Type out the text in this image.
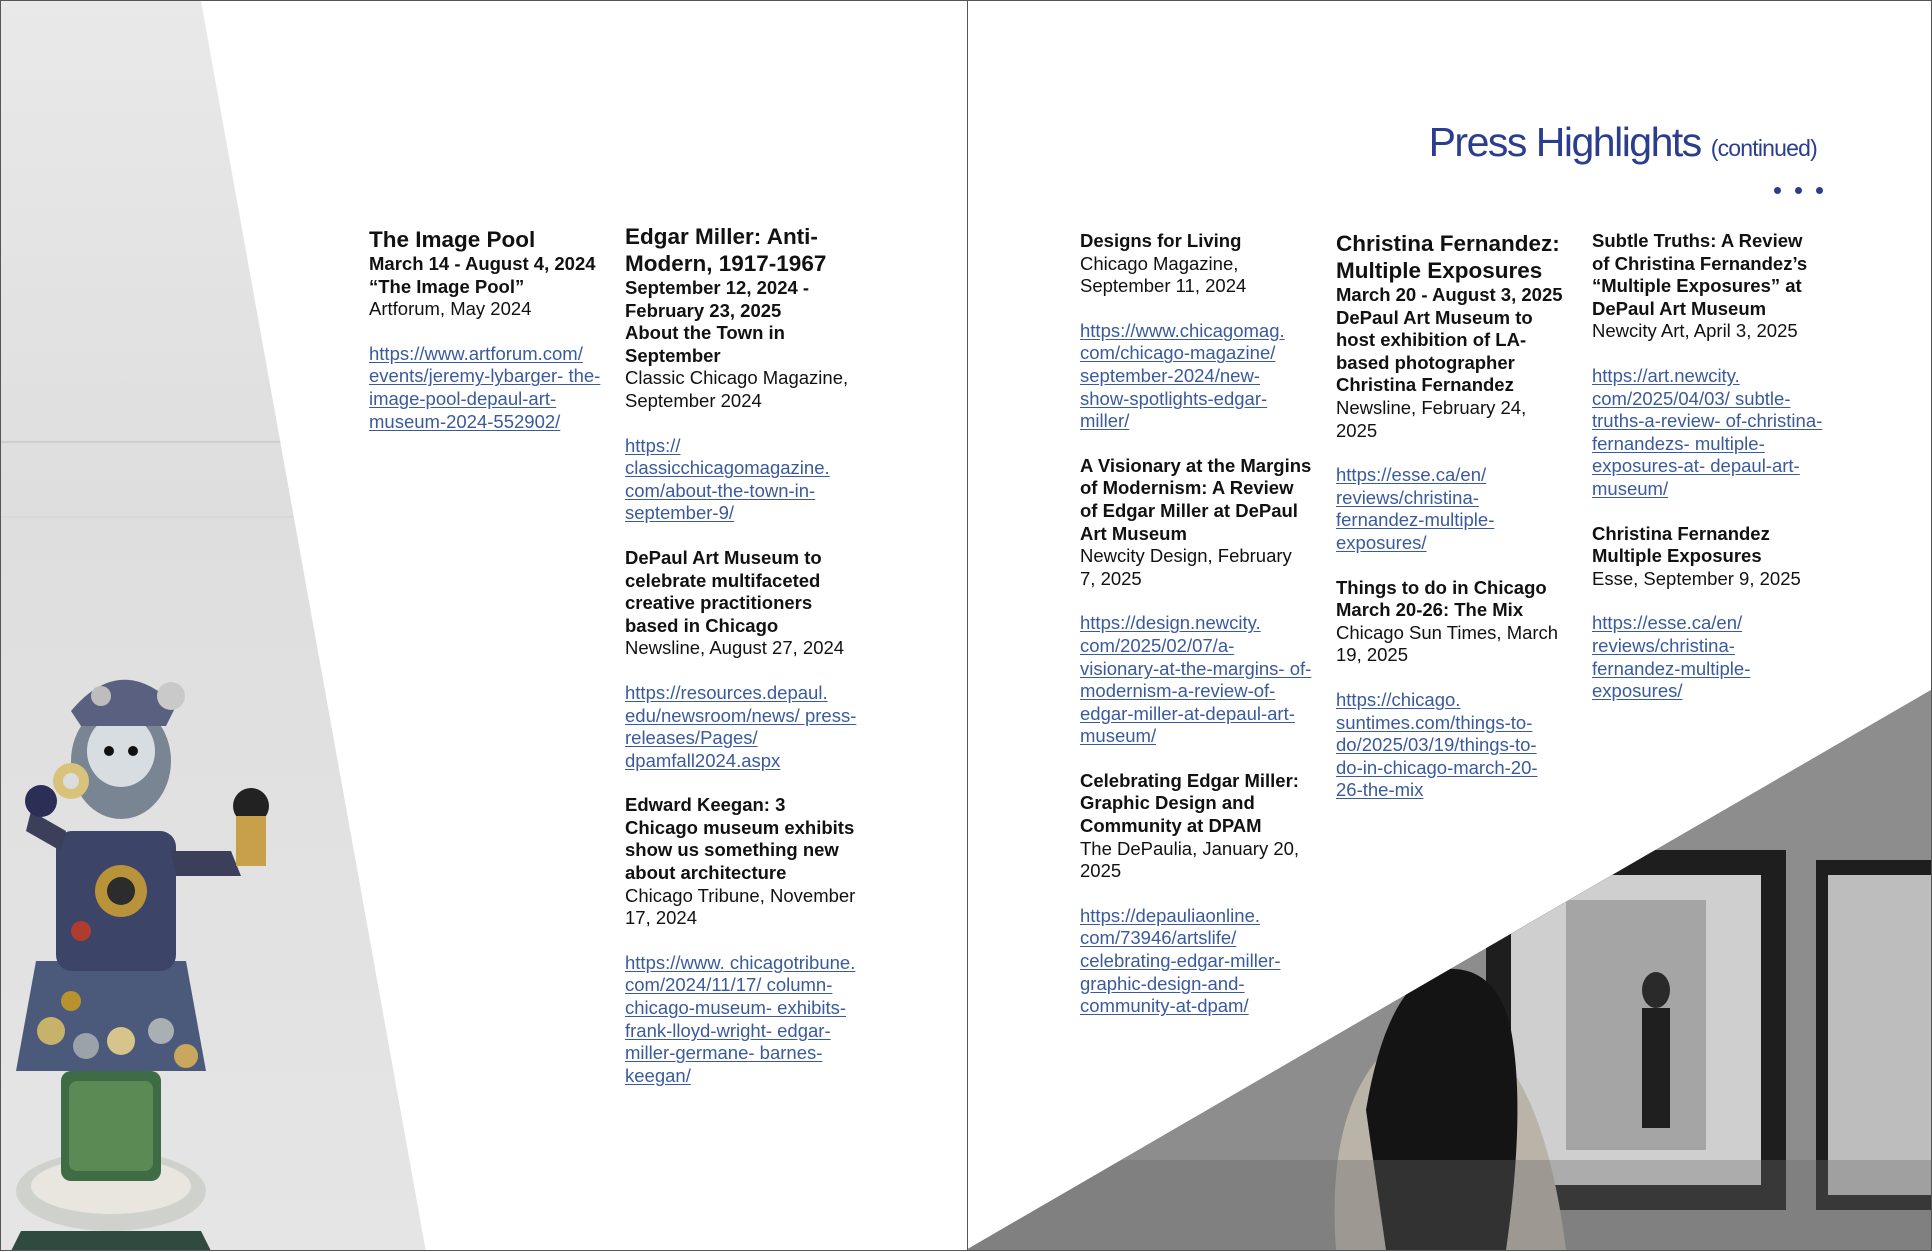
The Image Pool

March 14 - August 4, 2024

“The Image Pool”

Artforum, May 2024

https://www.artforum.com/ events/jeremy-lybarger- the-image-pool-depaul-art- museum-2024-552902/

Edgar Miller: Anti-Modern, 1917-1967

September 12, 2024 - February 23, 2025

About the Town in September

Classic Chicago Magazine, September 2024

https:// classicchicagomagazine. com/about-the-town-in- september-9/

DePaul Art Museum to celebrate multifaceted creative practitioners based in Chicago

Newsline, August 27, 2024

https://resources.depaul. edu/newsroom/news/ press-releases/Pages/ dpamfall2024.aspx

Edward Keegan: 3 Chicago museum exhibits show us something new about architecture

Chicago Tribune, November 17, 2024

https://www. chicagotribune. com/2024/11/17/ column-chicago-museum- exhibits-frank-lloyd-wright- edgar-miller-germane- barnes-keegan/
Press Highlights (continued)

Designs for Living

Chicago Magazine, September 11, 2024

https://www.chicagomag. com/chicago-magazine/ september-2024/new- show-spotlights-edgar- miller/

A Visionary at the Margins of Modernism: A Review of Edgar Miller at DePaul Art Museum

Newcity Design, February 7, 2025

https://design.newcity. com/2025/02/07/a- visionary-at-the-margins- of-modernism-a-review-of- edgar-miller-at-depaul-art- museum/

Celebrating Edgar Miller: Graphic Design and Community at DPAM

The DePaulia, January 20, 2025

https://depauliaonline. com/73946/artslife/ celebrating-edgar-miller- graphic-design-and- community-at-dpam/

Christina Fernandez: Multiple Exposures

March 20 - August 3, 2025

DePaul Art Museum to host exhibition of LA-based photographer Christina Fernandez

Newsline, February 24, 2025

https://esse.ca/en/ reviews/christina- fernandez-multiple- exposures/

Things to do in Chicago March 20-26: The Mix

Chicago Sun Times, March 19, 2025

https://chicago. suntimes.com/things-to- do/2025/03/19/things-to- do-in-chicago-march-20- 26-the-mix

Subtle Truths: A Review of Christina Fernandez’s “Multiple Exposures” at DePaul Art Museum

Newcity Art, April 3, 2025

https://art.newcity. com/2025/04/03/ subtle-truths-a-review- of-christina-fernandezs- multiple-exposures-at- depaul-art-museum/

Christina Fernandez Multiple Exposures

Esse, September 9, 2025

https://esse.ca/en/ reviews/christina- fernandez-multiple- exposures/
